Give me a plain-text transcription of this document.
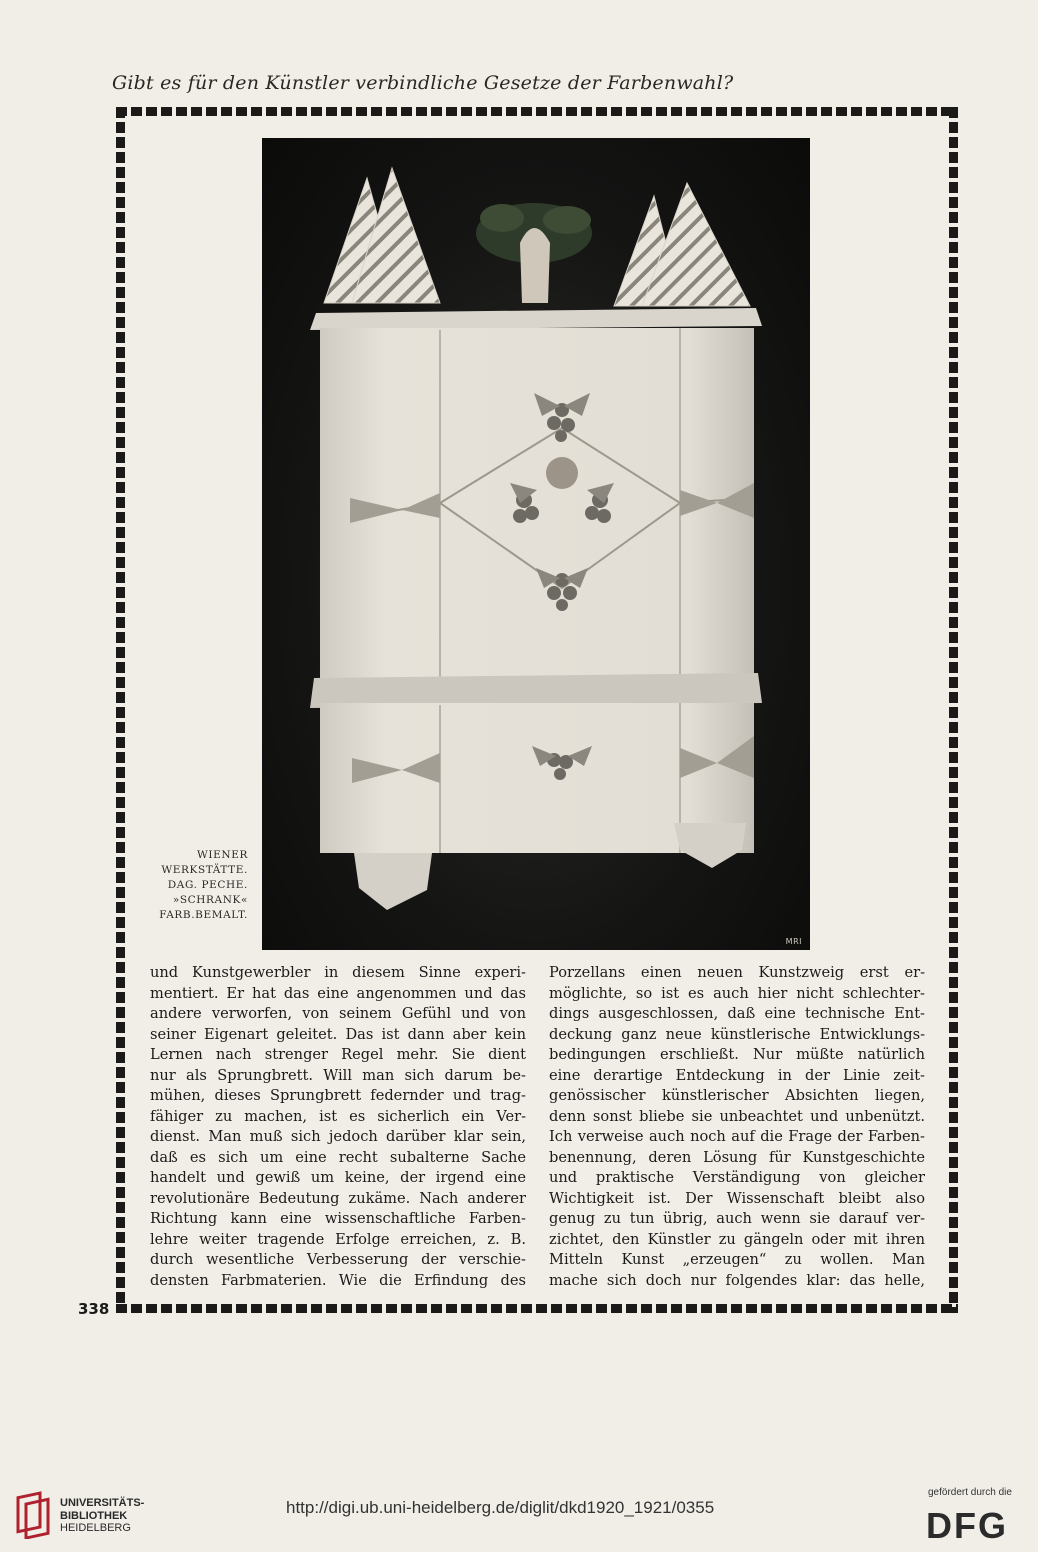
Gibt es für den Künstler verbindliche Gesetze der Farbenwahl?
MRI
WIENER
WERKSTÄTTE.
DAG. PECHE.
»SCHRANK«
FARB.BEMALT.
und Kunstgewerbler in diesem Sinne experi-
mentiert. Er hat das eine angenommen und das
andere verworfen, von seinem Gefühl und von
seiner Eigenart geleitet. Das ist dann aber kein
Lernen nach strenger Regel mehr. Sie dient
nur als Sprungbrett. Will man sich darum be-
mühen, dieses Sprungbrett federnder und trag-
fähiger zu machen, ist es sicherlich ein Ver-
dienst. Man muß sich jedoch darüber klar sein,
daß es sich um eine recht subalterne Sache
handelt und gewiß um keine, der irgend eine
revolutionäre Bedeutung zukäme. Nach anderer
Richtung kann eine wissenschaftliche Farben-
lehre weiter tragende Erfolge erreichen, z. B.
durch wesentliche Verbesserung der verschie-
densten Farbmaterien. Wie die Erfindung des
Porzellans einen neuen Kunstzweig erst er-
möglichte, so ist es auch hier nicht schlechter-
dings ausgeschlossen, daß eine technische Ent-
deckung ganz neue künstlerische Entwicklungs-
bedingungen erschließt. Nur müßte natürlich
eine derartige Entdeckung in der Linie zeit-
genössischer künstlerischer Absichten liegen,
denn sonst bliebe sie unbeachtet und unbenützt.
Ich verweise auch noch auf die Frage der Farben-
benennung, deren Lösung für Kunstgeschichte
und praktische Verständigung von gleicher
Wichtigkeit ist. Der Wissenschaft bleibt also
genug zu tun übrig, auch wenn sie darauf ver-
zichtet, den Künstler zu gängeln oder mit ihren
Mitteln Kunst „erzeugen“ zu wollen. Man
mache sich doch nur folgendes klar: das helle,
338
UNIVERSITÄTS-
BIBLIOTHEK
HEIDELBERG
http://digi.ub.uni-heidelberg.de/diglit/dkd1920_1921/0355
gefördert durch die
DFG
